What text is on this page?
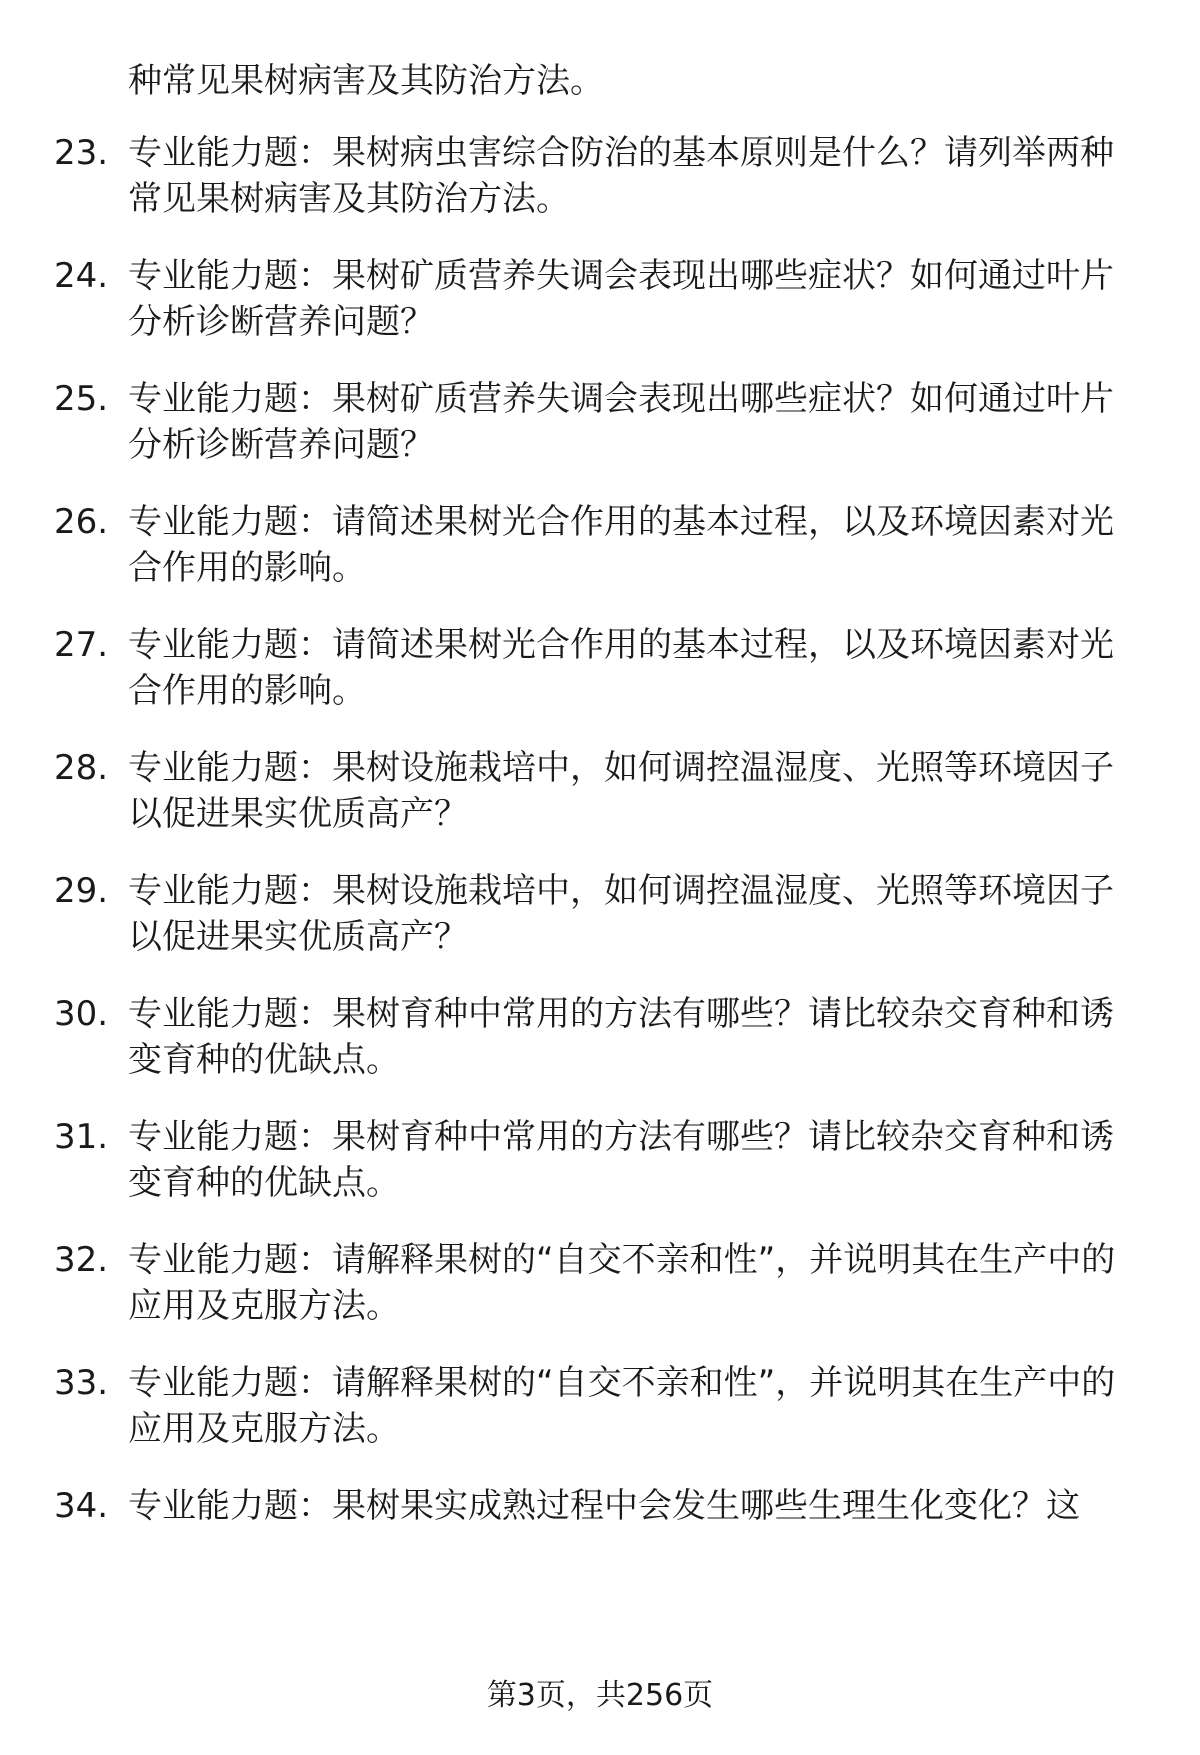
种常见果树病害及其防治方法。
23. 专业能力题：果树病虫害综合防治的基本原则是什么？请列举两种常见果树病害及其防治方法。
24. 专业能力题：果树矿质营养失调会表现出哪些症状？如何通过叶片分析诊断营养问题？
25. 专业能力题：果树矿质营养失调会表现出哪些症状？如何通过叶片分析诊断营养问题？
26. 专业能力题：请简述果树光合作用的基本过程，以及环境因素对光合作用的影响。
27. 专业能力题：请简述果树光合作用的基本过程，以及环境因素对光合作用的影响。
28. 专业能力题：果树设施栽培中，如何调控温湿度、光照等环境因子以促进果实优质高产？
29. 专业能力题：果树设施栽培中，如何调控温湿度、光照等环境因子以促进果实优质高产？
30. 专业能力题：果树育种中常用的方法有哪些？请比较杂交育种和诱变育种的优缺点。
31. 专业能力题：果树育种中常用的方法有哪些？请比较杂交育种和诱变育种的优缺点。
32. 专业能力题：请解释果树的“自交不亲和性”，并说明其在生产中的应用及克服方法。
33. 专业能力题：请解释果树的“自交不亲和性”，并说明其在生产中的应用及克服方法。
34. 专业能力题：果树果实成熟过程中会发生哪些生理生化变化？这
第3页，共256页
